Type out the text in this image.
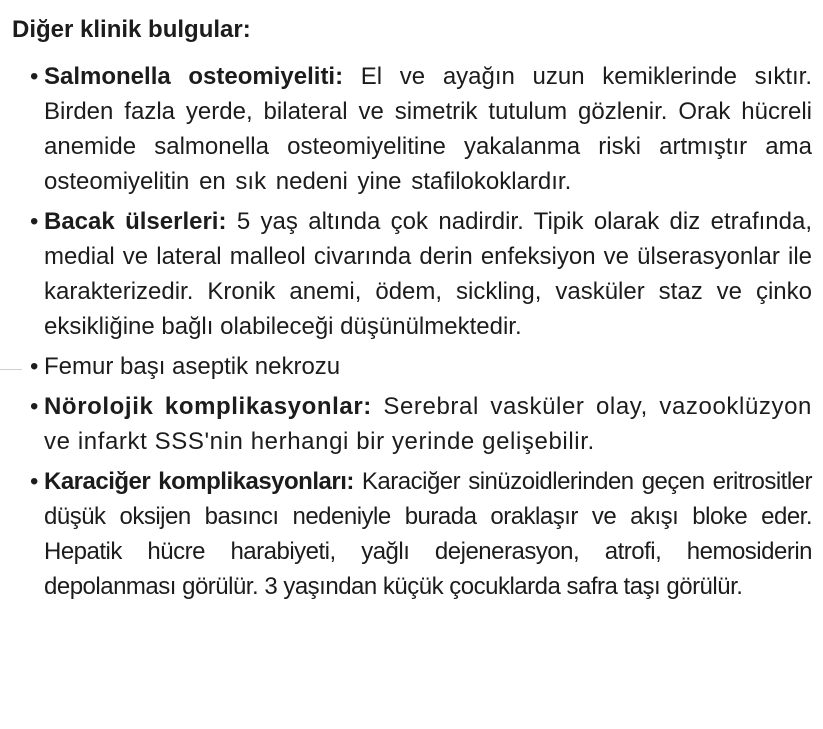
Diğer klinik bulgular:
• Salmonella osteomiyeliti: El ve ayağın uzun kemiklerinde sıktır. Birden fazla yerde, bilateral ve simetrik tutulum gözlenir. Orak hücreli anemide salmonella osteomiyelitine yakalanma riski artmıştır ama osteomiyelitin en sık nedeni yine stafilokoklardır.
• Bacak ülserleri: 5 yaş altında çok nadirdir. Tipik olarak diz etrafında, medial ve lateral malleol civarında derin enfeksiyon ve ülserasyonlar ile karakterizedir. Kronik anemi, ödem, sickling, vasküler staz ve çinko eksikliğine bağlı olabileceği düşünülmektedir.
• Femur başı aseptik nekrozu
• Nörolojik komplikasyonlar: Serebral vasküler olay, vazooklüzyon ve infarkt SSS'nin herhangi bir yerinde gelişebilir.
• Karaciğer komplikasyonları: Karaciğer sinüzoidlerinden geçen eritrositler düşük oksijen basıncı nedeniyle burada oraklaşır ve akışı bloke eder. Hepatik hücre harabiyeti, yağlı dejenerasyon, atrofi, hemosiderin depolanması görülür. 3 yaşından küçük çocuklarda safra taşı görülür.
